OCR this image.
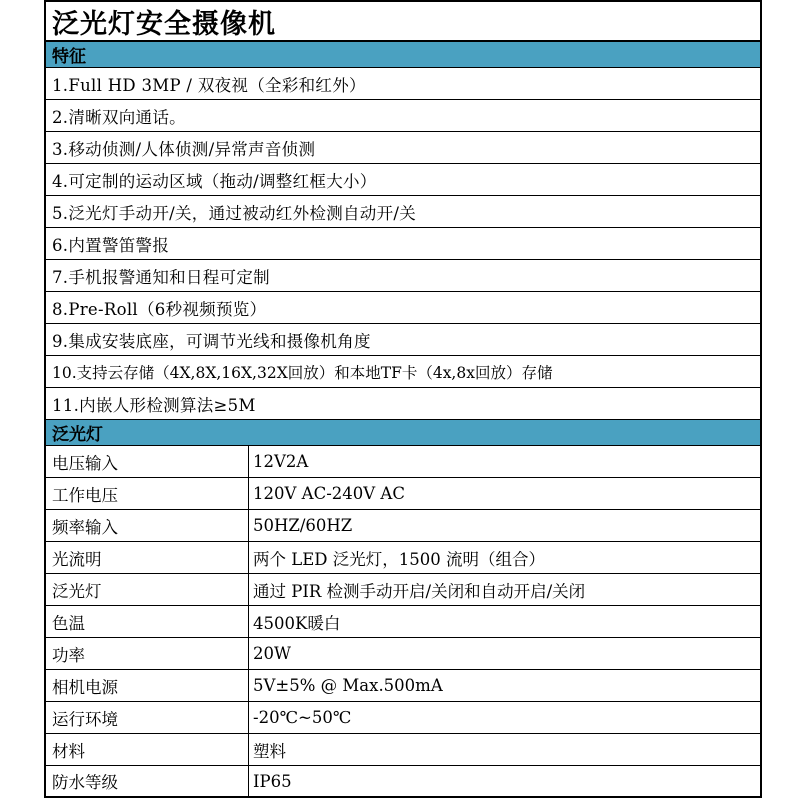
泛光灯安全摄像机
特征
1.Full HD 3MP / 双夜视（全彩和红外）
2.清晰双向通话。
3.移动侦测/人体侦测/异常声音侦测
4.可定制的运动区域（拖动/调整红框大小）
5.泛光灯手动开/关，通过被动红外检测自动开/关
6.内置警笛警报
7.手机报警通知和日程可定制
8.Pre-Roll（6秒视频预览）
9.集成安装底座，可调节光线和摄像机角度
10.支持云存储（4X,8X,16X,32X回放）和本地TF卡（4x,8x回放）存储
11.内嵌人形检测算法≥5M
泛光灯
电压输入	12V2A
工作电压	120V AC-240V AC
频率输入	50HZ/60HZ
光流明	两个 LED 泛光灯，1500 流明（组合）
泛光灯	通过 PIR 检测手动开启/关闭和自动开启/关闭
色温	4500K暖白
功率	20W
相机电源	5V±5% @ Max.500mA
运行环境	-20℃~50℃
材料	塑料
防水等级	IP65
